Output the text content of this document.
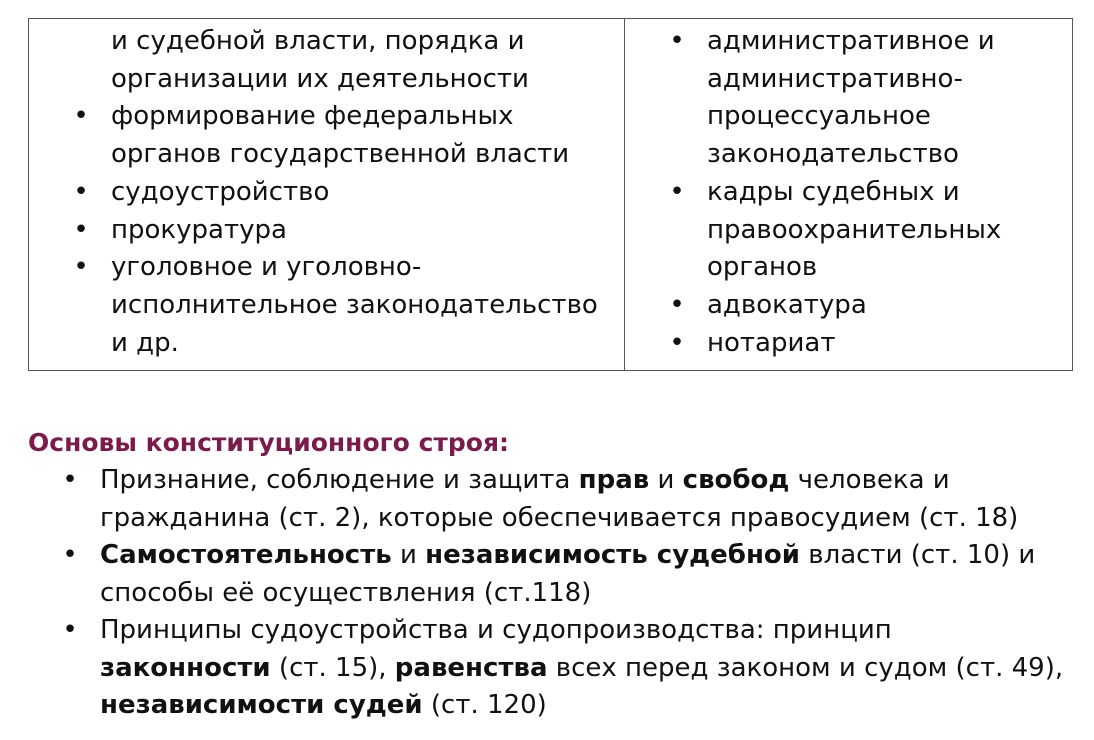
и судебной власти, порядка и
организации их деятельности
• формирование федеральных
органов государственной власти
• судоустройство
• прокуратура
• уголовное и уголовно-
исполнительное законодательство
и др.
• административное и
административно-
процессуальное
законодательство
• кадры судебных и
правоохранительных
органов
• адвокатура
• нотариат
Основы конституционного строя:
• Признание, соблюдение и защита прав и свобод человека и
гражданина (ст. 2), которые обеспечивается правосудием (ст. 18)
• Самостоятельность и независимость судебной власти (ст. 10) и
способы её осуществления (ст.118)
• Принципы судоустройства и судопроизводства: принцип
законности (ст. 15), равенства всех перед законом и судом (ст. 49),
независимости судей (ст. 120)
